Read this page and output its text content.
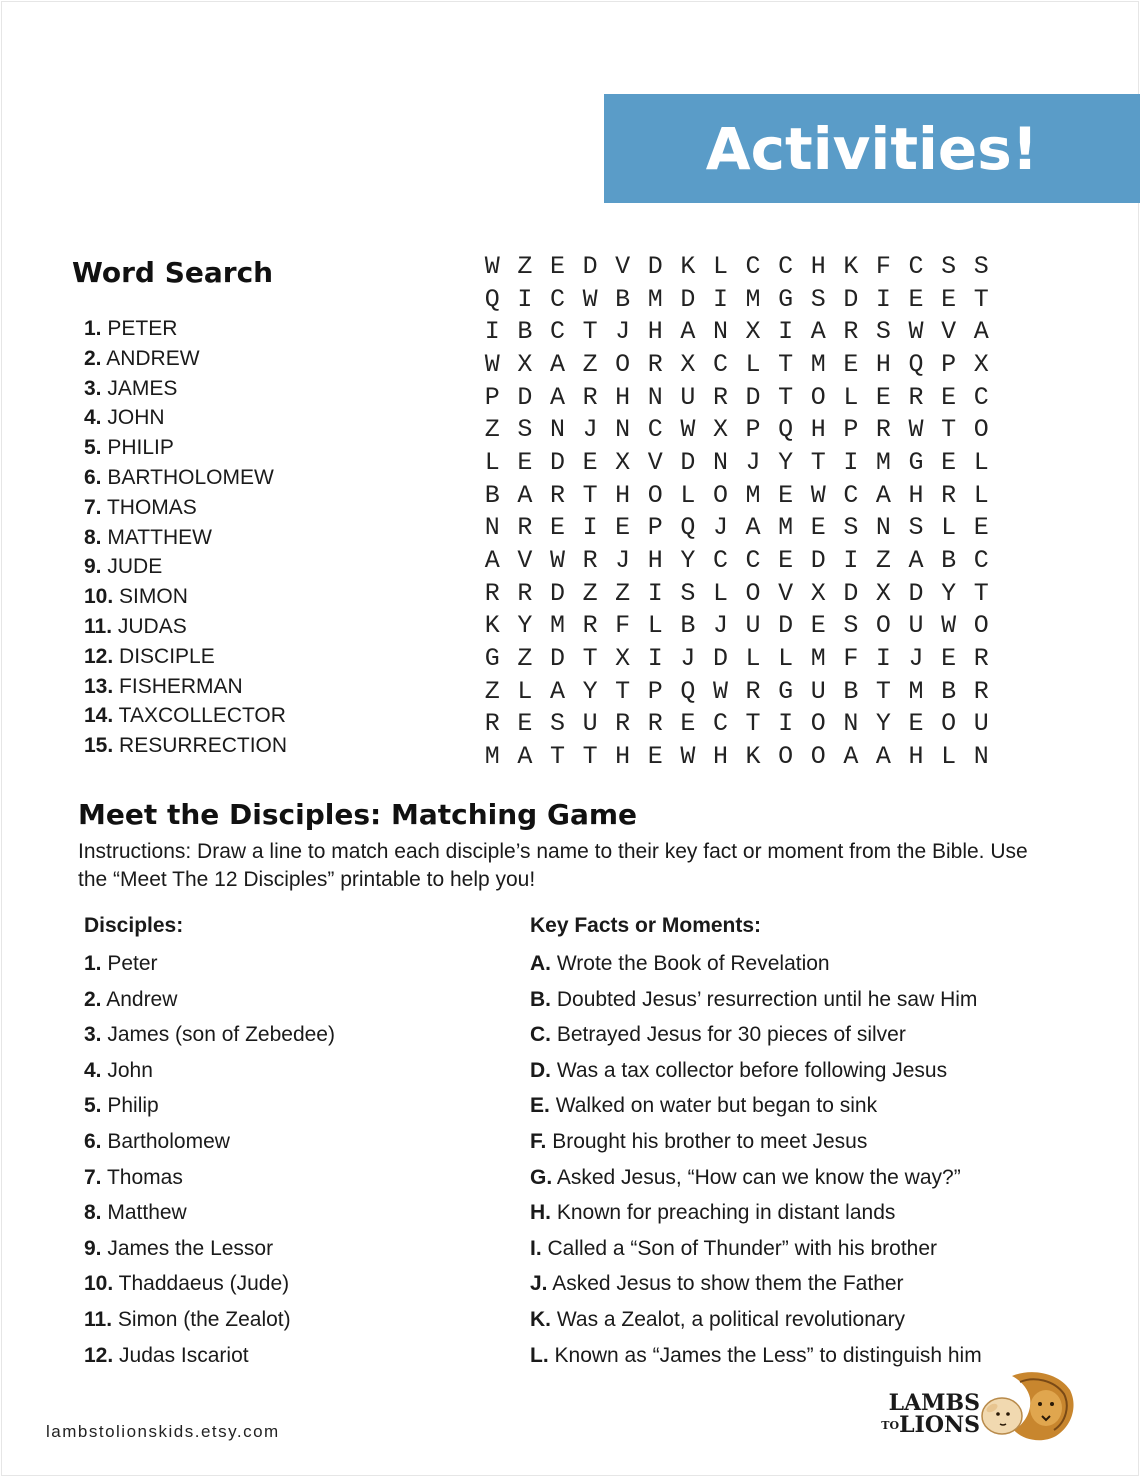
Activities!
Word Search
1. PETER
2. ANDREW
3. JAMES
4. JOHN
5. PHILIP
6. BARTHOLOMEW
7. THOMAS
8. MATTHEW
9. JUDE
10. SIMON
11. JUDAS
12. DISCIPLE
13. FISHERMAN
14. TAXCOLLECTOR
15. RESURRECTION
W Z E D V D K L C C H K F C S S
Q I C W B M D I M G S D I E E T
I B C T J H A N X I A R S W V A
W X A Z O R X C L T M E H Q P X
P D A R H N U R D T O L E R E C
Z S N J N C W X P Q H P R W T O
L E D E X V D N J Y T I M G E L
B A R T H O L O M E W C A H R L
N R E I E P Q J A M E S N S L E
A V W R J H Y C C E D I Z A B C
R R D Z Z I S L O V X D X D Y T
K Y M R F L B J U D E S O U W O
G Z D T X I J D L L M F I J E R
Z L A Y T P Q W R G U B T M B R
R E S U R R E C T I O N Y E O U
M A T T H E W H K O O A A H L N
Meet the Disciples: Matching Game

Instructions: Draw a line to match each disciple’s name to their key fact or moment from the Bible. Use the “Meet The 12 Disciples” printable to help you!

Disciples:	Key Facts or Moments:
1. Peter
2. Andrew
3. James (son of Zebedee)
4. John
5. Philip
6. Bartholomew
7. Thomas
8. Matthew
9. James the Lessor
10. Thaddaeus (Jude)
11. Simon (the Zealot)
12. Judas Iscariot
A. Wrote the Book of Revelation
B. Doubted Jesus’ resurrection until he saw Him
C. Betrayed Jesus for 30 pieces of silver
D. Was a tax collector before following Jesus
E. Walked on water but began to sink
F. Brought his brother to meet Jesus
G. Asked Jesus, “How can we know the way?”
H. Known for preaching in distant lands
I. Called a “Son of Thunder” with his brother
J. Asked Jesus to show them the Father
K. Was a Zealot, a political revolutionary
L. Known as “James the Less” to distinguish him
lambstolionskids.etsy.com
LAMBS
TOLIONS
